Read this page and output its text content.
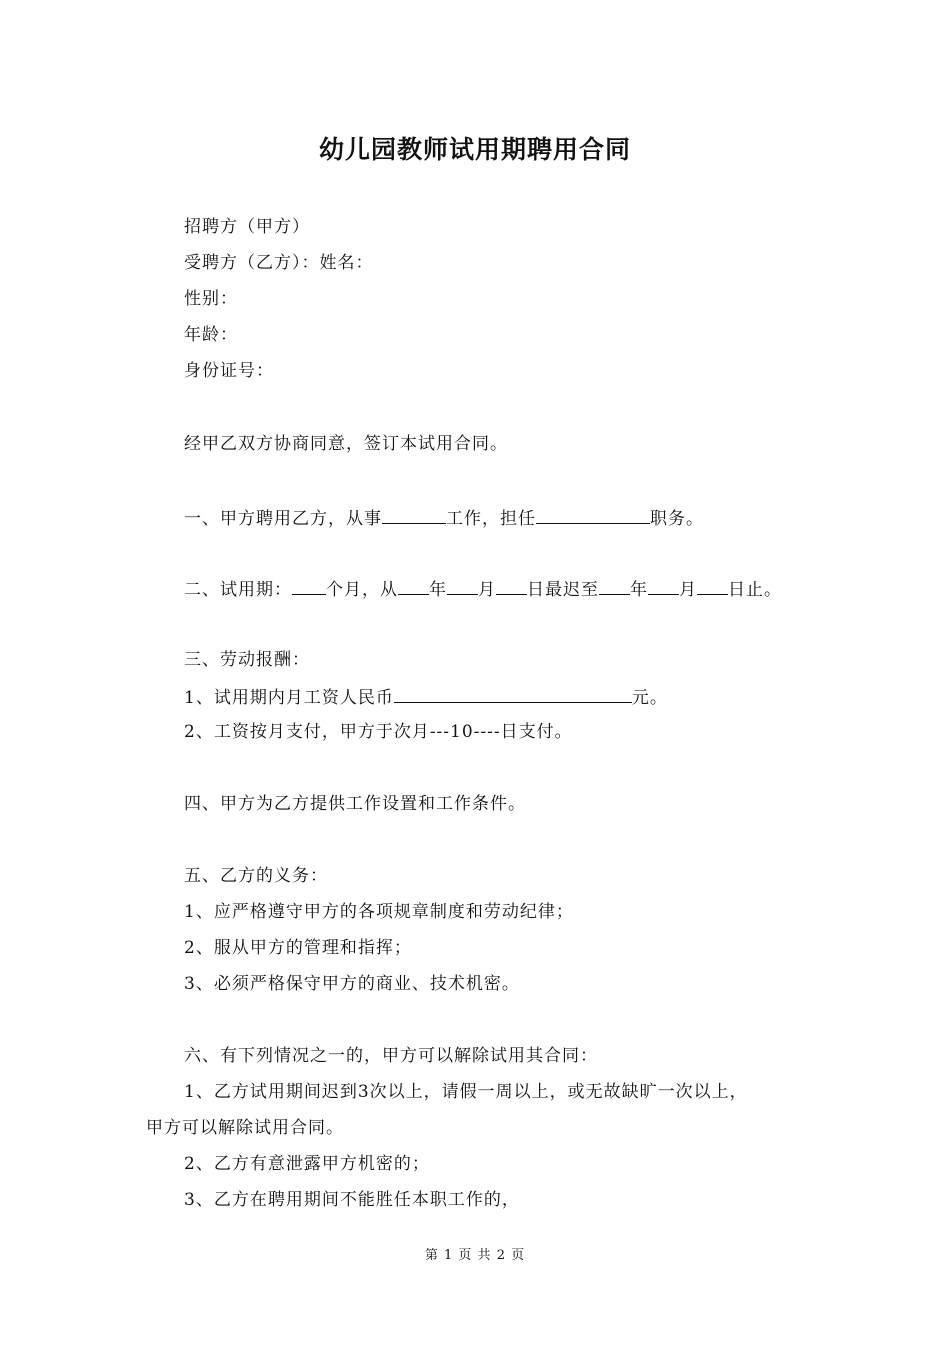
幼儿园教师试用期聘用合同
招聘方（甲方）
受聘方（乙方）：姓名：
性别：
年龄：
身份证号：
经甲乙双方协商同意，签订本试用合同。
一、甲方聘用乙方，从事	工作，担任	职务。
二、试用期： 个月，从 年 月 日最迟至 年 月 日止。
三、劳动报酬：
1、试用期内月工资人民币	元。
2、工资按月支付，甲方于次月---10----日支付。
四、甲方为乙方提供工作设置和工作条件。
五、乙方的义务：
1、应严格遵守甲方的各项规章制度和劳动纪律；
2、服从甲方的管理和指挥；
3、必须严格保守甲方的商业、技术机密。
六、有下列情况之一的，甲方可以解除试用其合同：
1、乙方试用期间迟到3次以上，请假一周以上，或无故缺旷一次以上，
甲方可以解除试用合同。
2、乙方有意泄露甲方机密的；
3、乙方在聘用期间不能胜任本职工作的，
第 1 页 共 2 页
